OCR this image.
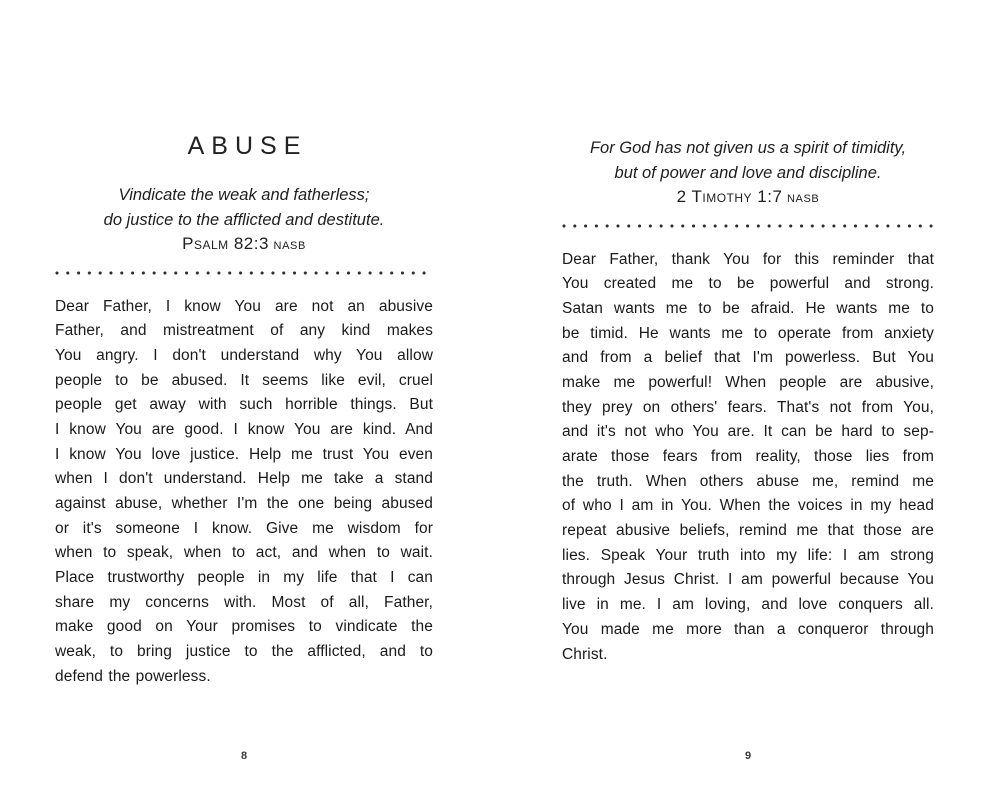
ABUSE
Vindicate the weak and fatherless;
do justice to the afflicted and destitute.
Psalm 82:3 NASB
Dear Father, I know You are not an abusive
Father, and mistreatment of any kind makes
You angry. I don't understand why You allow
people to be abused. It seems like evil, cruel
people get away with such horrible things. But
I know You are good. I know You are kind. And
I know You love justice. Help me trust You even
when I don't understand. Help me take a stand
against abuse, whether I'm the one being abused
or it's someone I know. Give me wisdom for
when to speak, when to act, and when to wait.
Place trustworthy people in my life that I can
share my concerns with. Most of all, Father,
make good on Your promises to vindicate the
weak, to bring justice to the afflicted, and to
defend the powerless.
8
For God has not given us a spirit of timidity,
but of power and love and discipline.
2 Timothy 1:7 NASB
Dear Father, thank You for this reminder that
You created me to be powerful and strong.
Satan wants me to be afraid. He wants me to
be timid. He wants me to operate from anxiety
and from a belief that I'm powerless. But You
make me powerful! When people are abusive,
they prey on others' fears. That's not from You,
and it's not who You are. It can be hard to sep-
arate those fears from reality, those lies from
the truth. When others abuse me, remind me
of who I am in You. When the voices in my head
repeat abusive beliefs, remind me that those are
lies. Speak Your truth into my life: I am strong
through Jesus Christ. I am powerful because You
live in me. I am loving, and love conquers all.
You made me more than a conqueror through
Christ.
9
